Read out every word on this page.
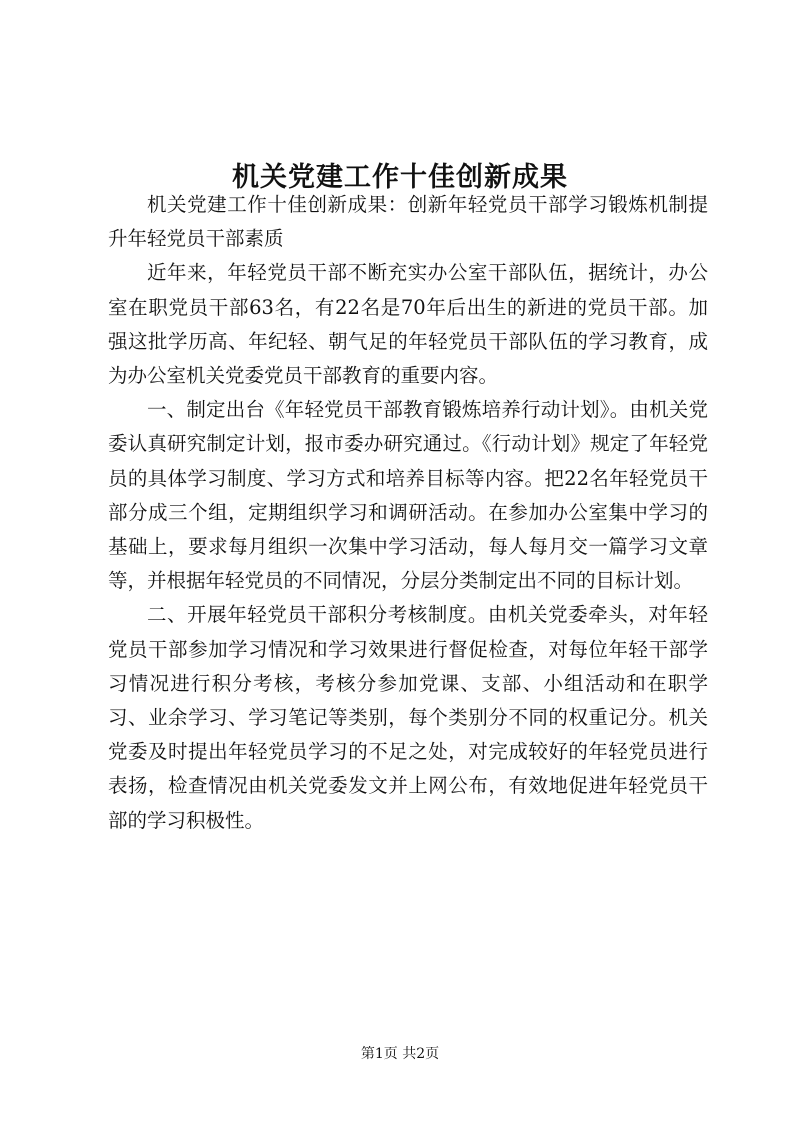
机关党建工作十佳创新成果

机关党建工作十佳创新成果：创新年轻党员干部学习锻炼机制提升年轻党员干部素质

近年来，年轻党员干部不断充实办公室干部队伍，据统计，办公室在职党员干部63名，有22名是70年后出生的新进的党员干部。加强这批学历高、年纪轻、朝气足的年轻党员干部队伍的学习教育，成为办公室机关党委党员干部教育的重要内容。

一、制定出台《年轻党员干部教育锻炼培养行动计划》。由机关党委认真研究制定计划，报市委办研究通过。《行动计划》规定了年轻党员的具体学习制度、学习方式和培养目标等内容。把22名年轻党员干部分成三个组，定期组织学习和调研活动。在参加办公室集中学习的基础上，要求每月组织一次集中学习活动，每人每月交一篇学习文章等，并根据年轻党员的不同情况，分层分类制定出不同的目标计划。

二、开展年轻党员干部积分考核制度。由机关党委牵头，对年轻党员干部参加学习情况和学习效果进行督促检查，对每位年轻干部学习情况进行积分考核，考核分参加党课、支部、小组活动和在职学习、业余学习、学习笔记等类别，每个类别分不同的权重记分。机关党委及时提出年轻党员学习的不足之处，对完成较好的年轻党员进行表扬，检查情况由机关党委发文并上网公布，有效地促进年轻党员干部的学习积极性。

第1页 共2页
